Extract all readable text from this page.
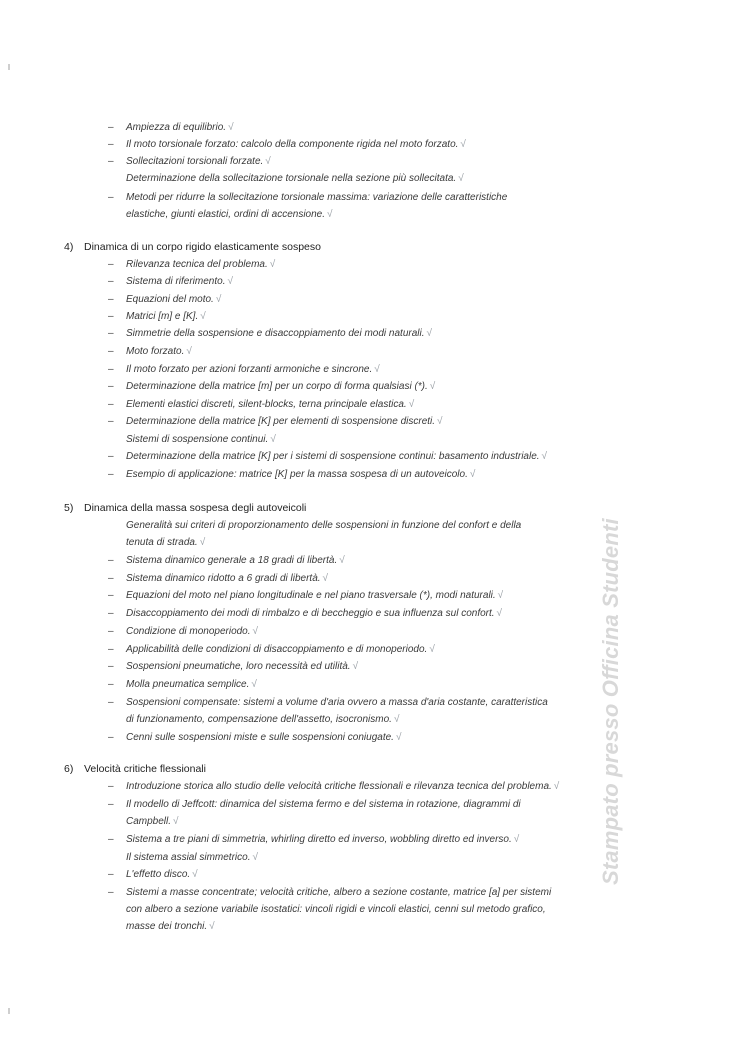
Stampato presso Officina Studenti
–	Ampiezza di equilibrio. √
–	Il moto torsionale forzato: calcolo della componente rigida nel moto forzato. √
–	Sollecitazioni torsionali forzate. √
Determinazione della sollecitazione torsionale nella sezione più sollecitata. √
–	Metodi per ridurre la sollecitazione torsionale massima: variazione delle caratteristiche
elastiche, giunti elastici, ordini di accensione. √
4) Dinamica di un corpo rigido elasticamente sospeso
–	Rilevanza tecnica del problema. √
–	Sistema di riferimento. √
–	Equazioni del moto. √
–	Matrici [m] e [K]. √
–	Simmetrie della sospensione e disaccoppiamento dei modi naturali. √
–	Moto forzato. √
–	Il moto forzato per azioni forzanti armoniche e sincrone. √
–	Determinazione della matrice [m] per un corpo di forma qualsiasi (*). √
–	Elementi elastici discreti, silent-blocks, terna principale elastica. √
–	Determinazione della matrice [K] per elementi di sospensione discreti. √
Sistemi di sospensione continui. √
–	Determinazione della matrice [K] per i sistemi di sospensione continui: basamento industriale. √
–	Esempio di applicazione: matrice [K] per la massa sospesa di un autoveicolo. √
5) Dinamica della massa sospesa degli autoveicoli
Generalità sui criteri di proporzionamento delle sospensioni in funzione del confort e della
tenuta di strada. √
–	Sistema dinamico generale a 18 gradi di libertà. √
–	Sistema dinamico ridotto a 6 gradi di libertà. √
–	Equazioni del moto nel piano longitudinale e nel piano trasversale (*), modi naturali. √
–	Disaccoppiamento dei modi di rimbalzo e di beccheggio e sua influenza sul confort. √
–	Condizione di monoperiodo. √
–	Applicabilità delle condizioni di disaccoppiamento e di monoperiodo. √
–	Sospensioni pneumatiche, loro necessità ed utilità. √
–	Molla pneumatica semplice. √
–	Sospensioni compensate: sistemi a volume d'aria ovvero a massa d'aria costante, caratteristica
di funzionamento, compensazione dell'assetto, isocronismo. √
–	Cenni sulle sospensioni miste e sulle sospensioni coniugate. √
6) Velocità critiche flessionali
–	Introduzione storica allo studio delle velocità critiche flessionali e rilevanza tecnica del problema. √
–	Il modello di Jeffcott: dinamica del sistema fermo e del sistema in rotazione, diagrammi di
Campbell. √
–	Sistema a tre piani di simmetria, whirling diretto ed inverso, wobbling diretto ed inverso. √
Il sistema assial simmetrico. √
–	L'effetto disco. √
–	Sistemi a masse concentrate; velocità critiche, albero a sezione costante, matrice [a] per sistemi
con albero a sezione variabile isostatici: vincoli rigidi e vincoli elastici, cenni sul metodo grafico,
masse dei tronchi. √
